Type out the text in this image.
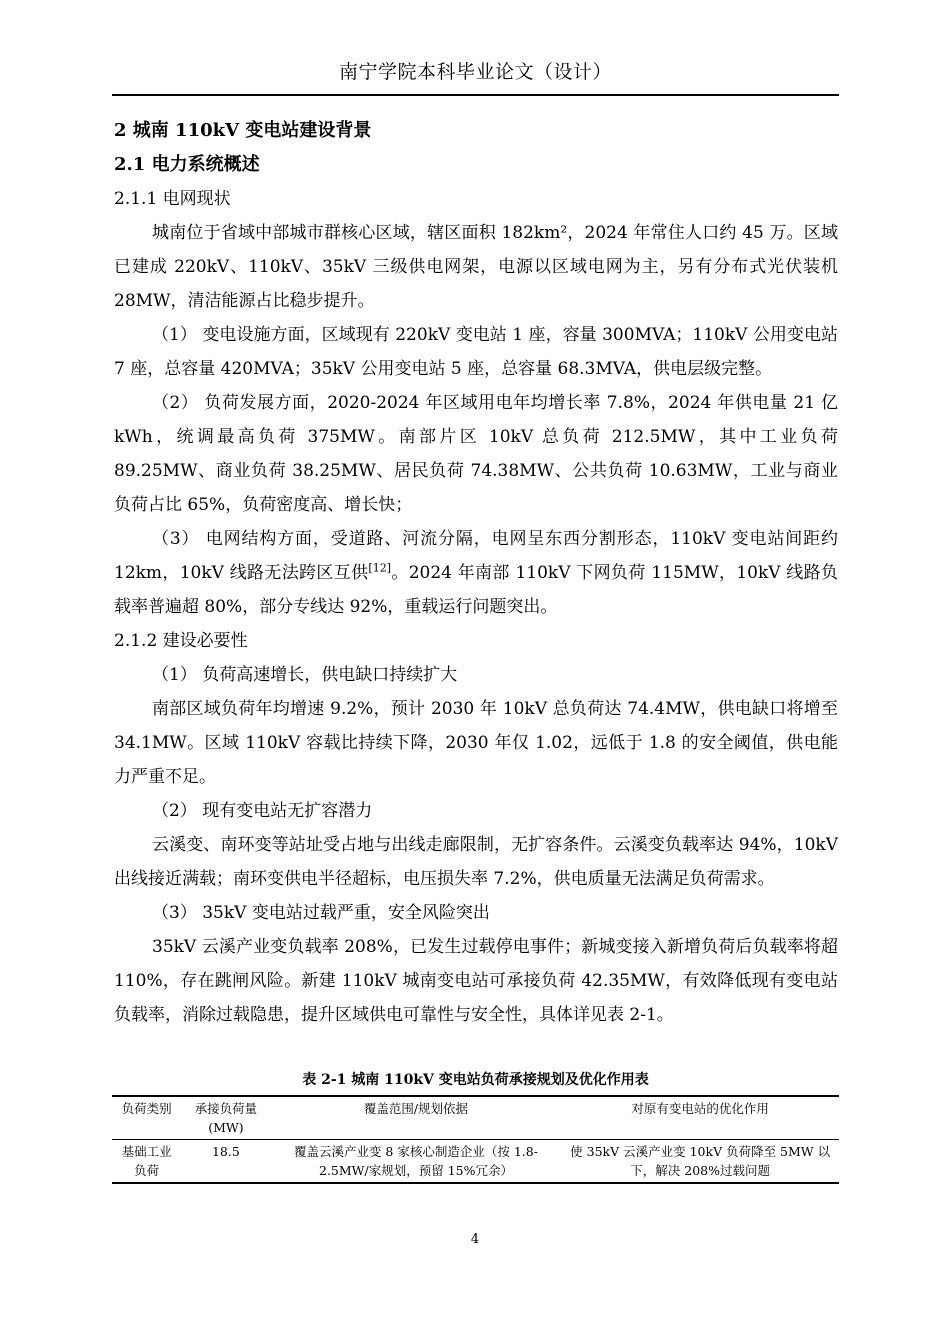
南宁学院本科毕业论文（设计）
2 城南 110kV 变电站建设背景
2.1 电力系统概述
2.1.1 电网现状

城南位于省域中部城市群核心区域，辖区面积 182km²，2024 年常住人口约 45 万。区域已建成 220kV、110kV、35kV 三级供电网架，电源以区域电网为主，另有分布式光伏装机 28MW，清洁能源占比稳步提升。

（1） 变电设施方面，区域现有 220kV 变电站 1 座，容量 300MVA；110kV 公用变电站 7 座，总容量 420MVA；35kV 公用变电站 5 座，总容量 68.3MVA，供电层级完整。

（2） 负荷发展方面，2020-2024 年区域用电年均增长率 7.8%，2024 年供电量 21 亿 kWh，统调最高负荷 375MW。南部片区 10kV 总负荷 212.5MW，其中工业负荷 89.25MW、商业负荷 38.25MW、居民负荷 74.38MW、公共负荷 10.63MW，工业与商业负荷占比 65%，负荷密度高、增长快；

（3） 电网结构方面，受道路、河流分隔，电网呈东西分割形态，110kV 变电站间距约 12km，10kV 线路无法跨区互供[12]。2024 年南部 110kV 下网负荷 115MW，10kV 线路负载率普遍超 80%，部分专线达 92%，重载运行问题突出。

2.1.2 建设必要性
（1） 负荷高速增长，供电缺口持续扩大

南部区域负荷年均增速 9.2%，预计 2030 年 10kV 总负荷达 74.4MW，供电缺口将增至 34.1MW。区域 110kV 容载比持续下降，2030 年仅 1.02，远低于 1.8 的安全阈值，供电能力严重不足。

（2） 现有变电站无扩容潜力

云溪变、南环变等站址受占地与出线走廊限制，无扩容条件。云溪变负载率达 94%，10kV 出线接近满载；南环变供电半径超标，电压损失率 7.2%，供电质量无法满足负荷需求。

（3） 35kV 变电站过载严重，安全风险突出

35kV 云溪产业变负载率 208%，已发生过载停电事件；新城变接入新增负荷后负载率将超 110%，存在跳闸风险。新建 110kV 城南变电站可承接负荷 42.35MW，有效降低现有变电站负载率，消除过载隐患，提升区域供电可靠性与安全性，具体详见表 2-1。

表 2-1 城南 110kV 变电站负荷承接规划及优化作用表
负荷类别	承接负荷量(MW)	覆盖范围/规划依据	对原有变电站的优化作用
基础工业负荷	18.5	覆盖云溪产业变 8 家核心制造企业（按 1.8-2.5MW/家规划，预留 15%冗余）	使 35kV 云溪产业变 10kV 负荷降至 5MW 以下，解决 208%过载问题
4
